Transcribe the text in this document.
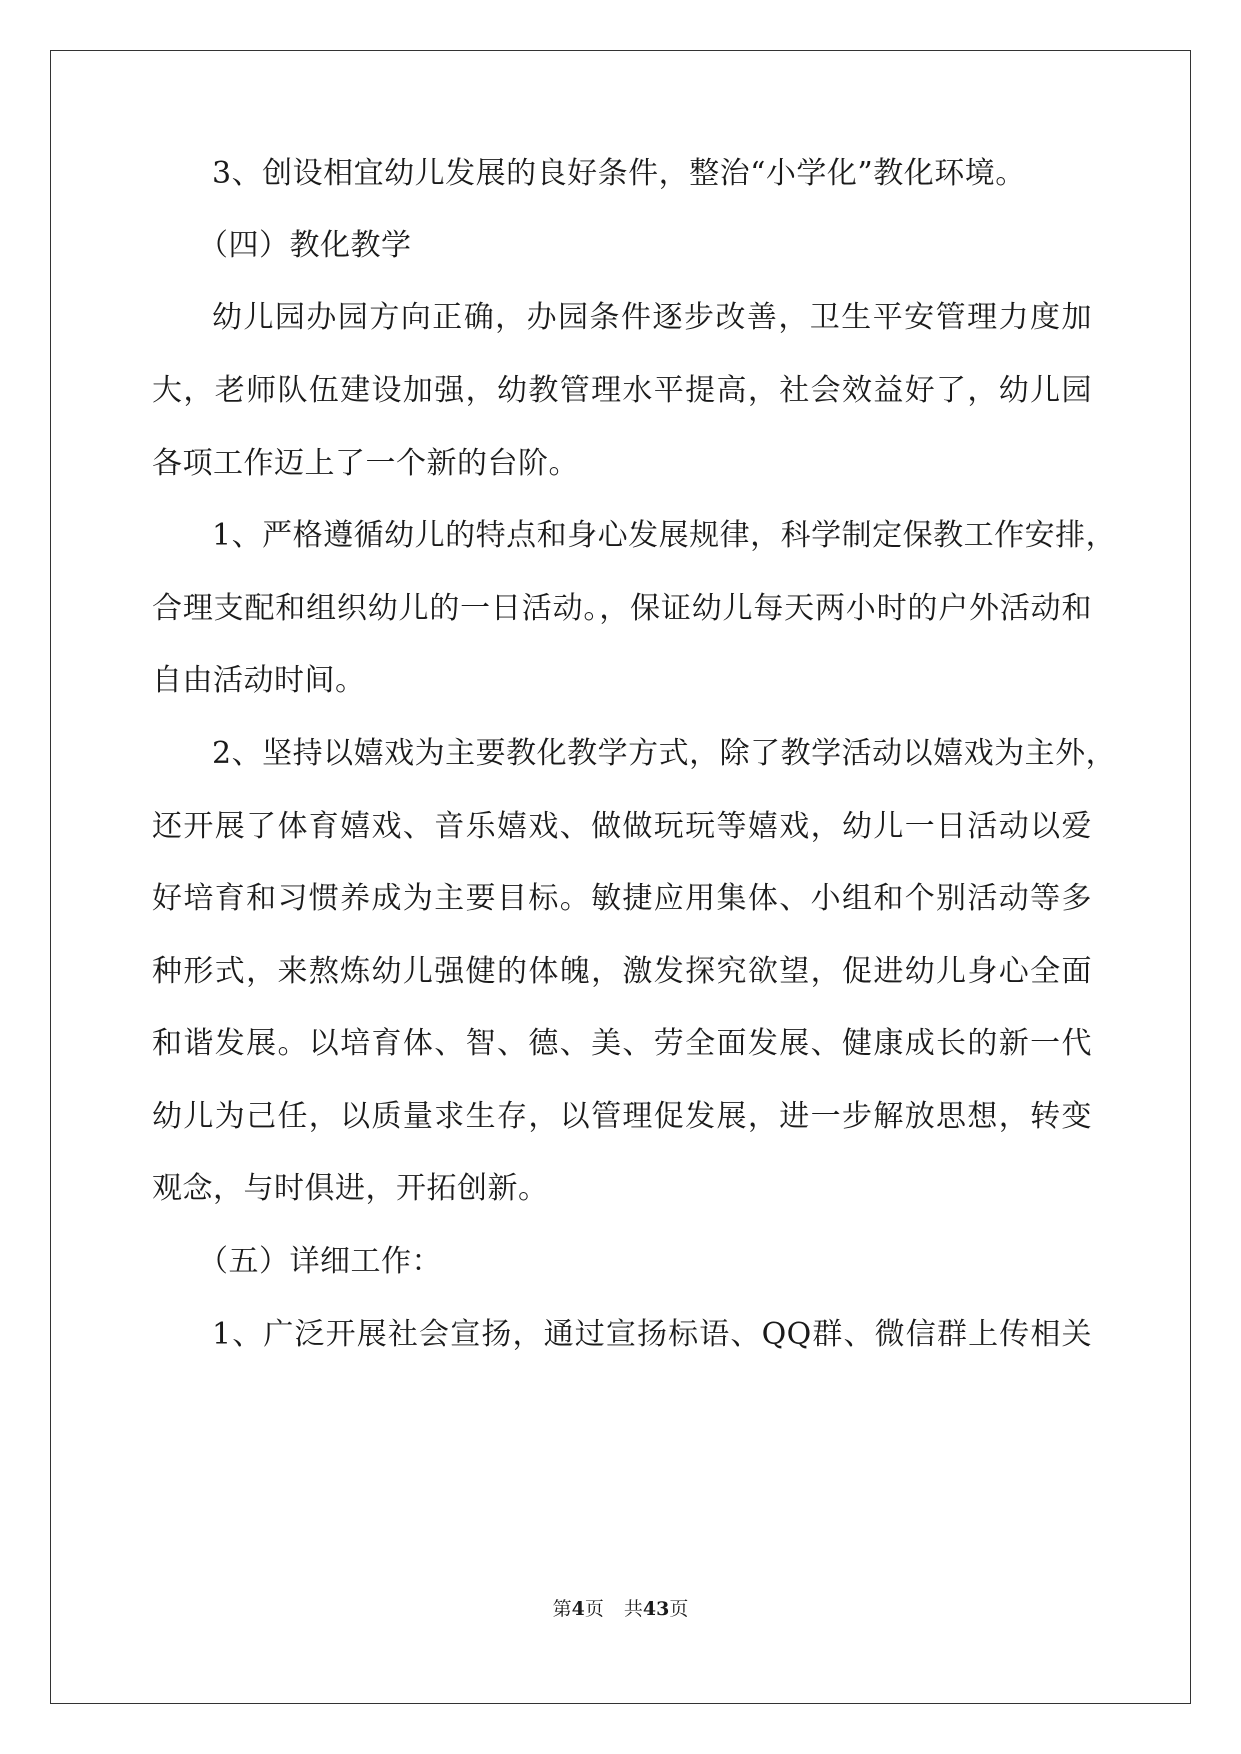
3、创设相宜幼儿发展的良好条件，整治“小学化”教化环境。
（四）教化教学
幼儿园办园方向正确，办园条件逐步改善，卫生平安管理力度加
大，老师队伍建设加强，幼教管理水平提高，社会效益好了，幼儿园
各项工作迈上了一个新的台阶。
1、严格遵循幼儿的特点和身心发展规律，科学制定保教工作安排，
合理支配和组织幼儿的一日活动。，保证幼儿每天两小时的户外活动和
自由活动时间。
2、坚持以嬉戏为主要教化教学方式，除了教学活动以嬉戏为主外，
还开展了体育嬉戏、音乐嬉戏、做做玩玩等嬉戏，幼儿一日活动以爱
好培育和习惯养成为主要目标。敏捷应用集体、小组和个别活动等多
种形式，来熬炼幼儿强健的体魄，激发探究欲望，促进幼儿身心全面
和谐发展。以培育体、智、德、美、劳全面发展、健康成长的新一代
幼儿为己任，以质量求生存，以管理促发展，进一步解放思想，转变
观念，与时俱进，开拓创新。
（五）详细工作：
1、广泛开展社会宣扬，通过宣扬标语、QQ群、微信群上传相关
第4页 共43页
